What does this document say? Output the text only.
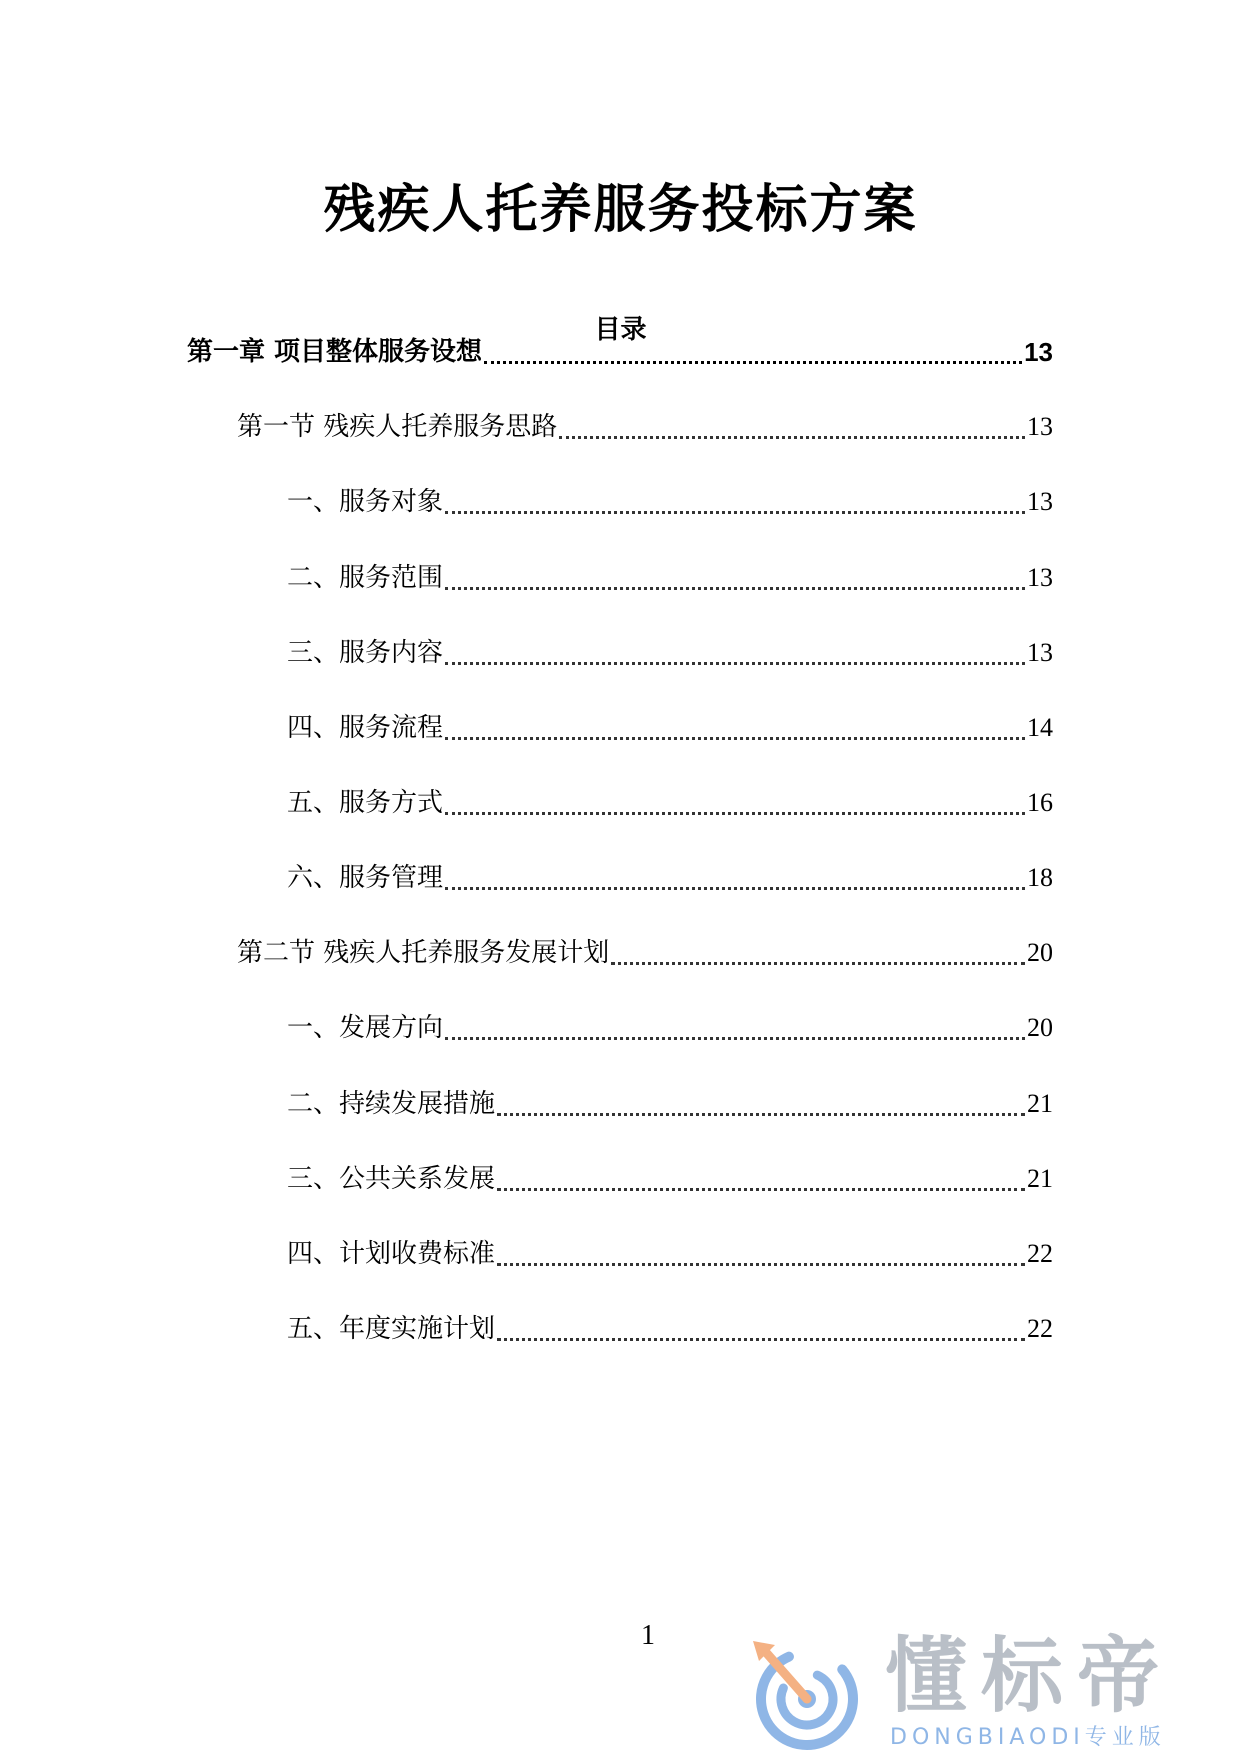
残疾人托养服务投标方案
目录
第一章 项目整体服务设想	13
第一节 残疾人托养服务思路	13
一、服务对象	13
二、服务范围	13
三、服务内容	13
四、服务流程	14
五、服务方式	16
六、服务管理	18
第二节 残疾人托养服务发展计划	20
一、发展方向	20
二、持续发展措施	21
三、公共关系发展	21
四、计划收费标准	22
五、年度实施计划	22
1	懂标帝
DONGBIAODI专业版
